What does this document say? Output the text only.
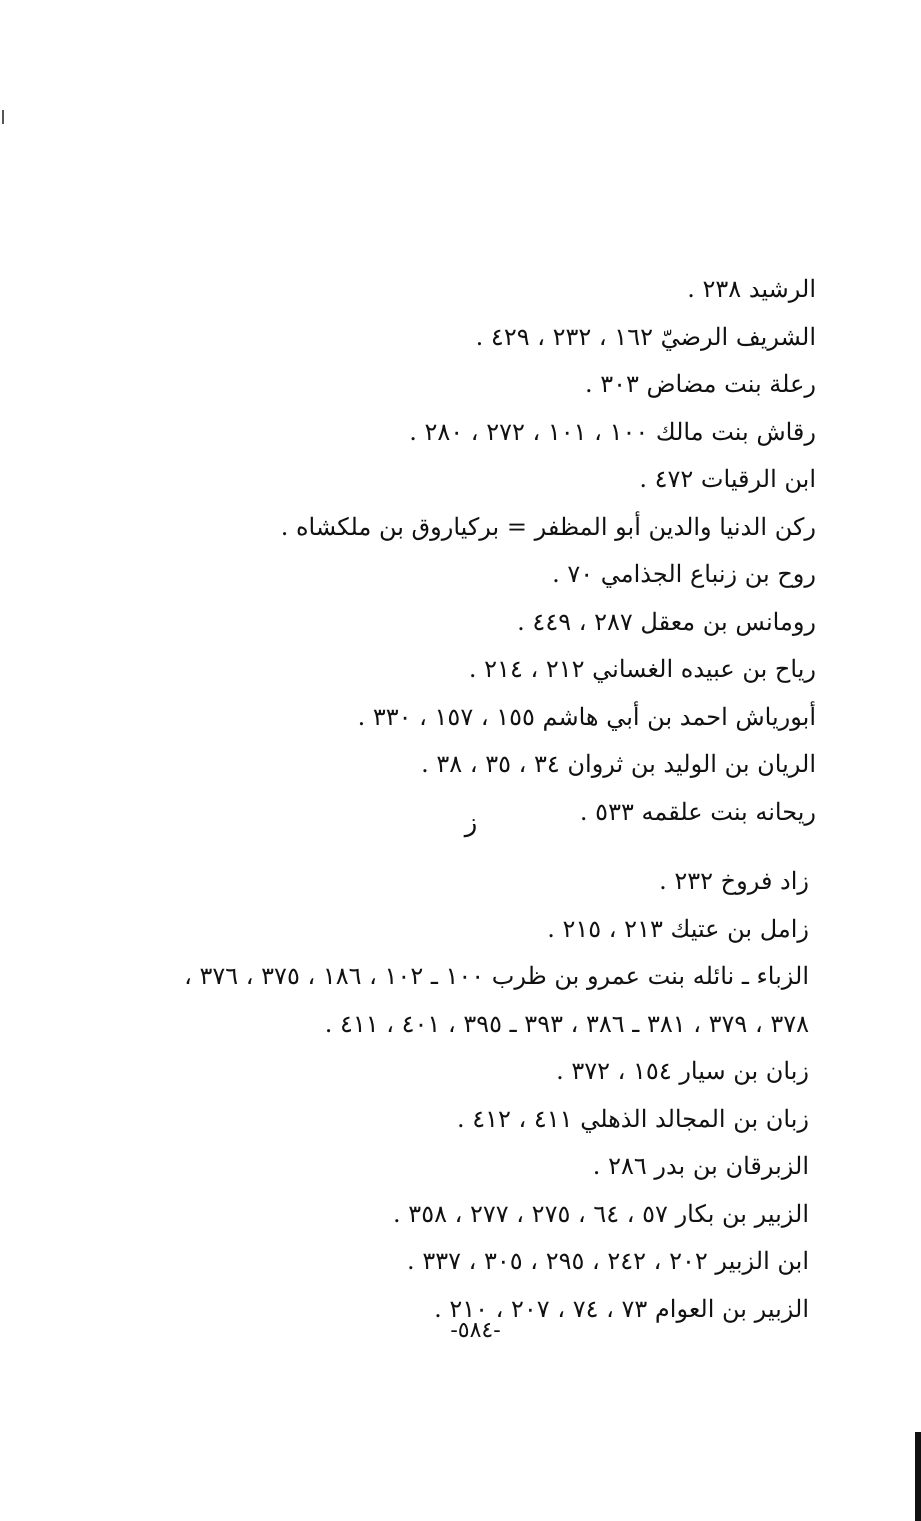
الرشيد ٢٣٨ .
الشريف الرضيّ ١٦٢ ، ٢٣٢ ، ٤٢٩ .
رعلة بنت مضاض ٣٠٣ .
رقاش بنت مالك ١٠٠ ، ١٠١ ، ٢٧٢ ، ٢٨٠ .
ابن الرقيات ٤٧٢ .
ركن الدنيا والدين أبو المظفر = بركياروق بن ملكشاه .
روح بن زنباع الجذامي ٧٠ .
رومانس بن معقل ٢٨٧ ، ٤٤٩ .
رياح بن عبيده الغساني ٢١٢ ، ٢١٤ .
أبورياش احمد بن أبي هاشم ١٥٥ ، ١٥٧ ، ٣٣٠ .
الريان بن الوليد بن ثروان ٣٤ ، ٣٥ ، ٣٨ .
ريحانه بنت علقمه ٥٣٣ .
ز
زاد فروخ ٢٣٢ .
زامل بن عتيك ٢١٣ ، ٢١٥ .
الزباء ـ نائله بنت عمرو بن ظرب ١٠٠ ـ ١٠٢ ، ١٨٦ ، ٣٧٥ ، ٣٧٦ ،
٣٧٨ ، ٣٧٩ ، ٣٨١ ـ ٣٨٦ ، ٣٩٣ ـ ٣٩٥ ، ٤٠١ ، ٤١١ .
زبان بن سيار ١٥٤ ، ٣٧٢ .
زبان بن المجالد الذهلي ٤١١ ، ٤١٢ .
الزبرقان بن بدر ٢٨٦ .
الزبير بن بكار ٥٧ ، ٦٤ ، ٢٧٥ ، ٢٧٧ ، ٣٥٨ .
ابن الزبير ٢٠٢ ، ٢٤٢ ، ٢٩٥ ، ٣٠٥ ، ٣٣٧ .
الزبير بن العوام ٧٣ ، ٧٤ ، ٢٠٧ ، ٢١٠ .
-٥٨٤-
